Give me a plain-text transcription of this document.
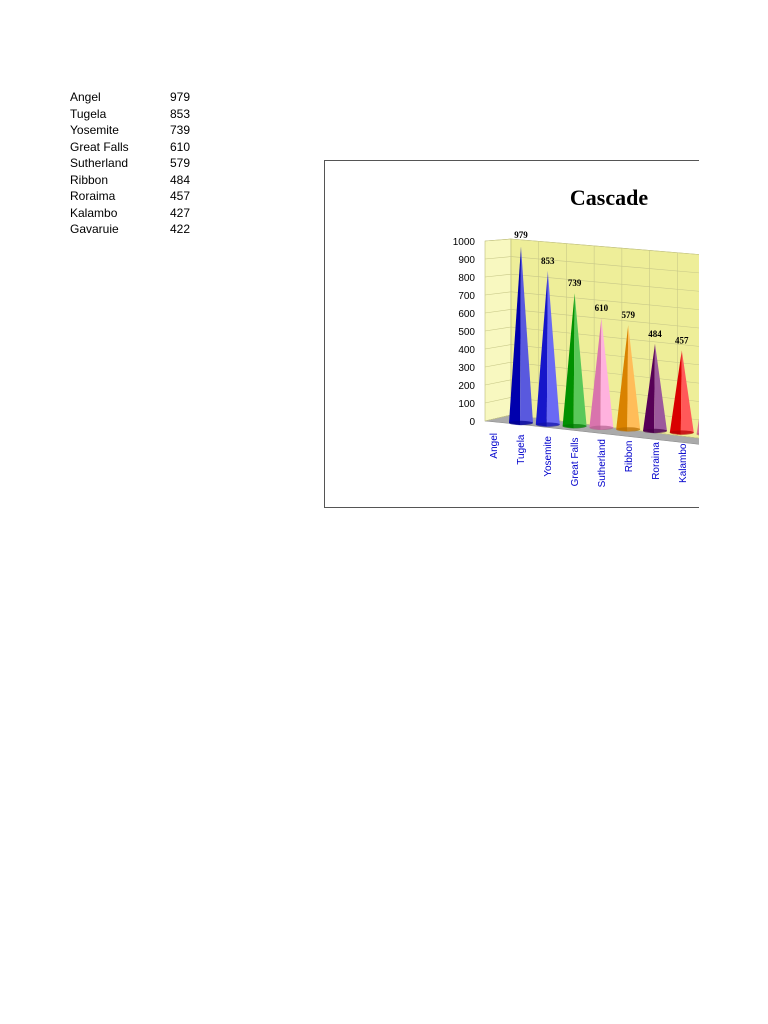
Angel	979
Tugela	853
Yosemite	739
Great Falls	610
Sutherland	579
Ribbon	484
Roraima	457
Kalambo	427
Gavaruie	422
Cascade
0
100
200
300
400
500
600
700
800
900
1000
979
853
739
610
579
484
457
Angel Tugela Yosemite Great Falls Sutherland Ribbon Roraima Kalambo
